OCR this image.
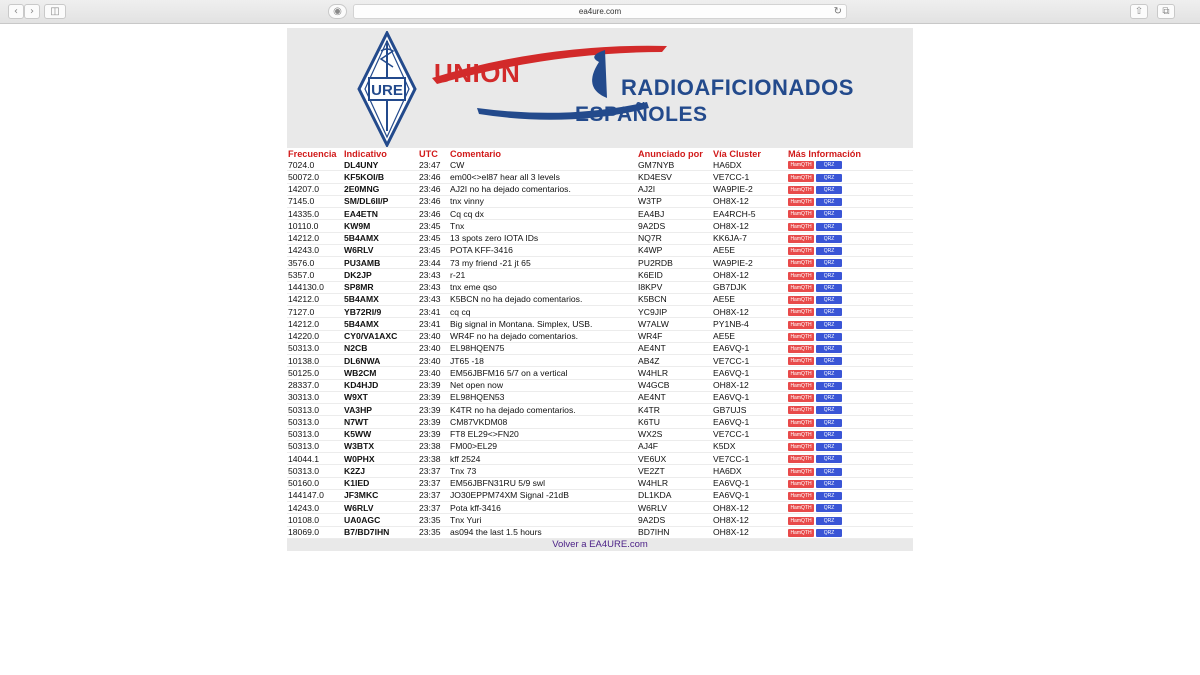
‹	›	◫	◉	ea4ure.com	↻	⇧	⧉
URE
UNION	RADIOAFICIONADOS
ESPAÑOLES
Frecuencia	Indicativo	UTC	Comentario	Anunciado por	Vía Cluster	Más Información
7024.0	DL4UNY	23:47	CW	GM7NYB	HA6DX	HamQTH QRZ
50072.0	KF5KOI/B	23:46	em00<>el87 hear all 3 levels	KD4ESV	VE7CC-1	HamQTH QRZ
14207.0	2E0MNG	23:46	AJ2I no ha dejado comentarios.	AJ2I	WA9PIE-2	HamQTH QRZ
7145.0	SM/DL6II/P	23:46	tnx vinny	W3TP	OH8X-12	HamQTH QRZ
14335.0	EA4ETN	23:46	Cq cq dx	EA4BJ	EA4RCH-5	HamQTH QRZ
10110.0	KW9M	23:45	Tnx	9A2DS	OH8X-12	HamQTH QRZ
14212.0	5B4AMX	23:45	13 spots zero IOTA IDs	NQ7R	KK6JA-7	HamQTH QRZ
14243.0	W6RLV	23:45	POTA KFF-3416	K4WP	AE5E	HamQTH QRZ
3576.0	PU3AMB	23:44	73 my friend -21 jt 65	PU2RDB	WA9PIE-2	HamQTH QRZ
5357.0	DK2JP	23:43	r-21	K6EID	OH8X-12	HamQTH QRZ
144130.0	SP8MR	23:43	tnx eme qso	I8KPV	GB7DJK	HamQTH QRZ
14212.0	5B4AMX	23:43	K5BCN no ha dejado comentarios.	K5BCN	AE5E	HamQTH QRZ
7127.0	YB72RI/9	23:41	cq cq	YC9JIP	OH8X-12	HamQTH QRZ
14212.0	5B4AMX	23:41	Big signal in Montana. Simplex, USB.	W7ALW	PY1NB-4	HamQTH QRZ
14220.0	CY0/VA1AXC	23:40	WR4F no ha dejado comentarios.	WR4F	AE5E	HamQTH QRZ
50313.0	N2CB	23:40	EL98HQEN75	AE4NT	EA6VQ-1	HamQTH QRZ
10138.0	DL6NWA	23:40	JT65 -18	AB4Z	VE7CC-1	HamQTH QRZ
50125.0	WB2CM	23:40	EM56JBFM16 5/7 on a vertical	W4HLR	EA6VQ-1	HamQTH QRZ
28337.0	KD4HJD	23:39	Net open now	W4GCB	OH8X-12	HamQTH QRZ
30313.0	W9XT	23:39	EL98HQEN53	AE4NT	EA6VQ-1	HamQTH QRZ
50313.0	VA3HP	23:39	K4TR no ha dejado comentarios.	K4TR	GB7UJS	HamQTH QRZ
50313.0	N7WT	23:39	CM87VKDM08	K6TU	EA6VQ-1	HamQTH QRZ
50313.0	K5WW	23:39	FT8 EL29<>FN20	WX2S	VE7CC-1	HamQTH QRZ
50313.0	W3BTX	23:38	FM00>EL29	AJ4F	K5DX	HamQTH QRZ
14044.1	W0PHX	23:38	kff 2524	VE6UX	VE7CC-1	HamQTH QRZ
50313.0	K2ZJ	23:37	Tnx 73	VE2ZT	HA6DX	HamQTH QRZ
50160.0	K1IED	23:37	EM56JBFN31RU 5/9 swl	W4HLR	EA6VQ-1	HamQTH QRZ
144147.0	JF3MKC	23:37	JO30EPPM74XM Signal -21dB	DL1KDA	EA6VQ-1	HamQTH QRZ
14243.0	W6RLV	23:37	Pota kff-3416	W6RLV	OH8X-12	HamQTH QRZ
10108.0	UA0AGC	23:35	Tnx Yuri	9A2DS	OH8X-12	HamQTH QRZ
18069.0	B7/BD7IHN	23:35	as094 the last 1.5 hours	BD7IHN	OH8X-12	HamQTH QRZ
Volver a EA4URE.com
